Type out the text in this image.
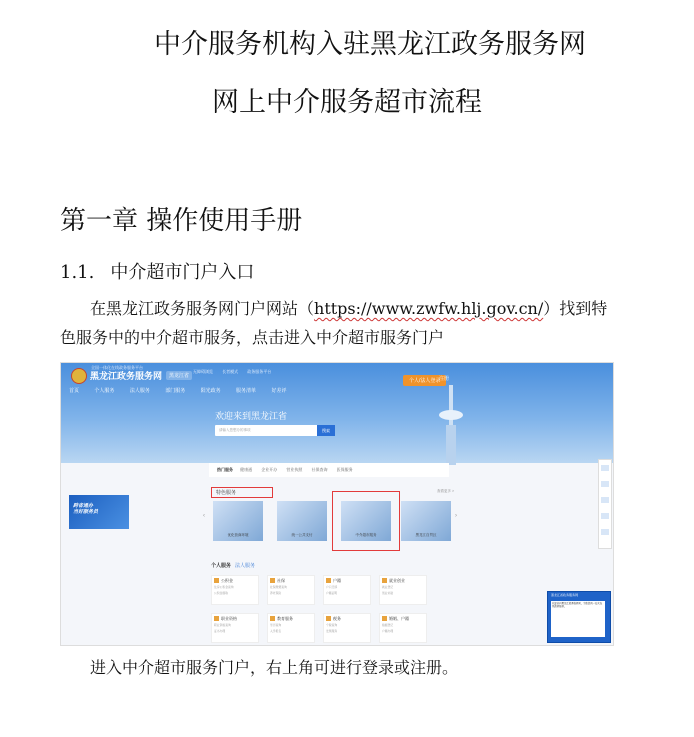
中介服务机构入驻黑龙江政务服务网
网上中介服务超市流程
第一章 操作使用手册
1.1. 中介超市门户入口
在黑龙江政务服务网门户网站（https://www.zwfw.hlj.gov.cn/）找到特色服务中的中介超市服务，点击进入中介超市服务门户
黑龙江政务服务网 黑龙江省
全国一体化在线政务服务平台
无障碍浏览 长者模式 政务服务平台
个人/法人登录
注册
首页	个人服务	法人服务	部门服务	阳光政务	服务清单	好差评
欢迎来到黑龙江省
请输入您想办的事项	搜索
热门服务 健康通 企业开办 营业执照 社保查询 医保服务
跨省通办
当好服务员
特色服务	查看更多 >
‹	›
优化营商环境	统一公共支付	中介超市服务	黑龙江自贸区
个人服务 法人服务
公积金
住房公积金查询
公积金提取
社保
社保缴费查询
养老保险
户籍
户口迁移
户籍证明
就业创业
就业登记
创业补贴
职业资格
职业资格查询
证书办理
教育服务
学历查询
入学报名
税务
个税查询
发票服务
婚姻、户籍
婚姻登记
户籍办理
黑龙江省政务服务网
欢迎访问黑龙江政务服务网，为您提供一站式在线政务服务。
进入中介超市服务门户，右上角可进行登录或注册。
